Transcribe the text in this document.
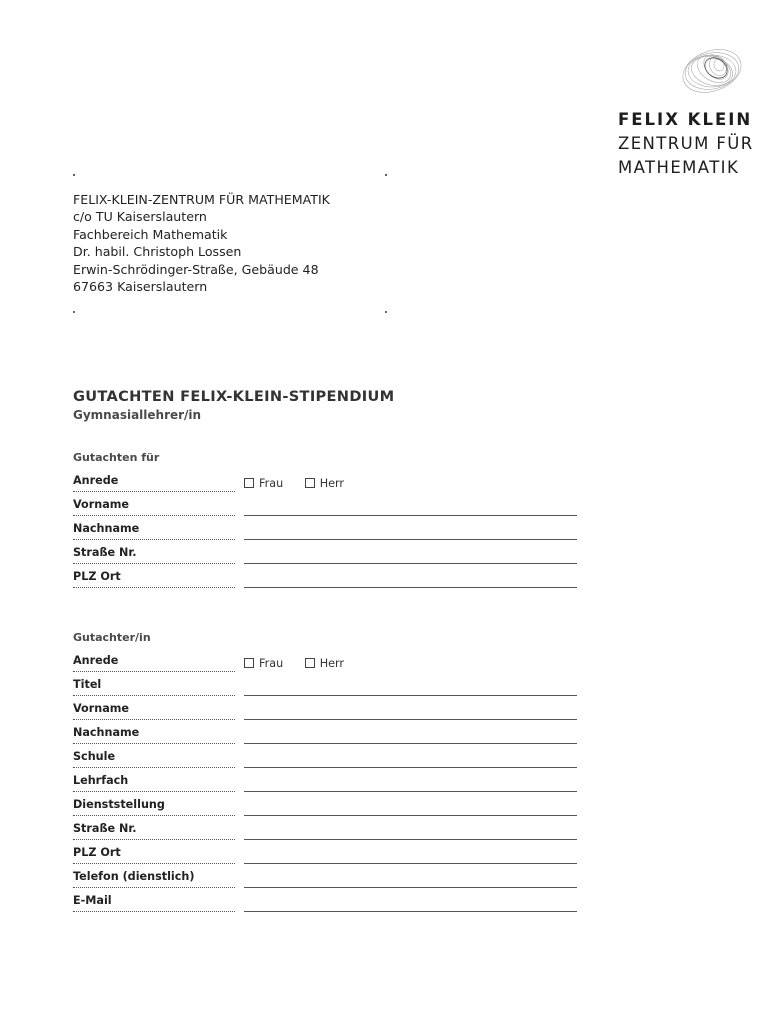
FELIX KLEIN
ZENTRUM FÜR
MATHEMATIK
FELIX-KLEIN-ZENTRUM FÜR MATHEMATIK
c/o TU Kaiserslautern
Fachbereich Mathematik
Dr. habil. Christoph Lossen
Erwin-Schrödinger-Straße, Gebäude 48
67663 Kaiserslautern
GUTACHTEN FELIX-KLEIN-STIPENDIUM
Gymnasiallehrer/in
Gutachten für
Anrede	Frau	Herr
Vorname
Nachname
Straße Nr.
PLZ Ort
Gutachter/in
Anrede	Frau	Herr
Titel
Vorname
Nachname
Schule
Lehrfach
Dienststellung
Straße Nr.
PLZ Ort
Telefon (dienstlich)
E-Mail
